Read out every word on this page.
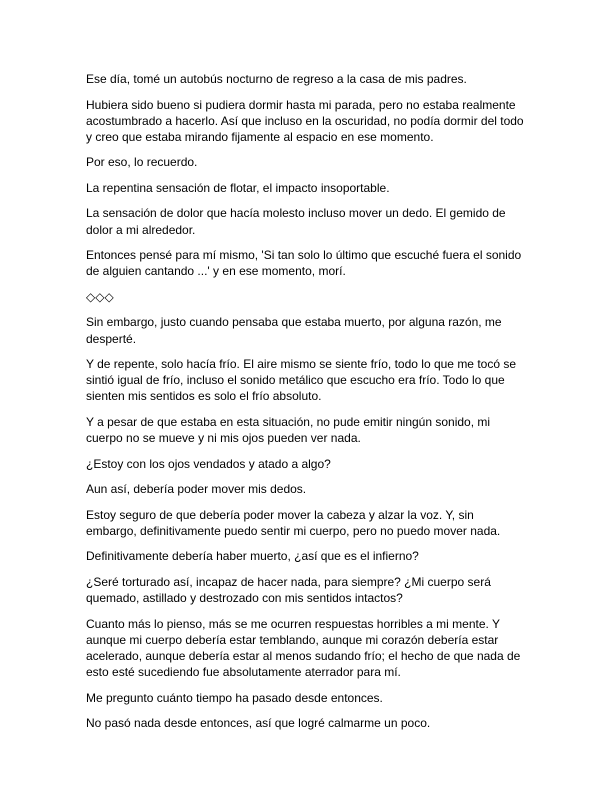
Ese día, tomé un autobús nocturno de regreso a la casa de mis padres.

Hubiera sido bueno si pudiera dormir hasta mi parada, pero no estaba realmente acostumbrado a hacerlo. Así que incluso en la oscuridad, no podía dormir del todo y creo que estaba mirando fijamente al espacio en ese momento.

Por eso, lo recuerdo.

La repentina sensación de flotar, el impacto insoportable.

La sensación de dolor que hacía molesto incluso mover un dedo. El gemido de dolor a mi alrededor.

Entonces pensé para mí mismo, 'Si tan solo lo último que escuché fuera el sonido de alguien cantando ...' y en ese momento, morí.

◇◇◇

Sin embargo, justo cuando pensaba que estaba muerto, por alguna razón, me desperté.

Y de repente, solo hacía frío. El aire mismo se siente frío, todo lo que me tocó se sintió igual de frío, incluso el sonido metálico que escucho era frío. Todo lo que sienten mis sentidos es solo el frío absoluto.

Y a pesar de que estaba en esta situación, no pude emitir ningún sonido, mi cuerpo no se mueve y ni mis ojos pueden ver nada.

¿Estoy con los ojos vendados y atado a algo?

Aun así, debería poder mover mis dedos.

Estoy seguro de que debería poder mover la cabeza y alzar la voz. Y, sin embargo, definitivamente puedo sentir mi cuerpo, pero no puedo mover nada.

Definitivamente debería haber muerto, ¿así que es el infierno?

¿Seré torturado así, incapaz de hacer nada, para siempre? ¿Mi cuerpo será quemado, astillado y destrozado con mis sentidos intactos?

Cuanto más lo pienso, más se me ocurren respuestas horribles a mi mente. Y aunque mi cuerpo debería estar temblando, aunque mi corazón debería estar acelerado, aunque debería estar al menos sudando frío; el hecho de que nada de esto esté sucediendo fue absolutamente aterrador para mí.

Me pregunto cuánto tiempo ha pasado desde entonces.

No pasó nada desde entonces, así que logré calmarme un poco.
